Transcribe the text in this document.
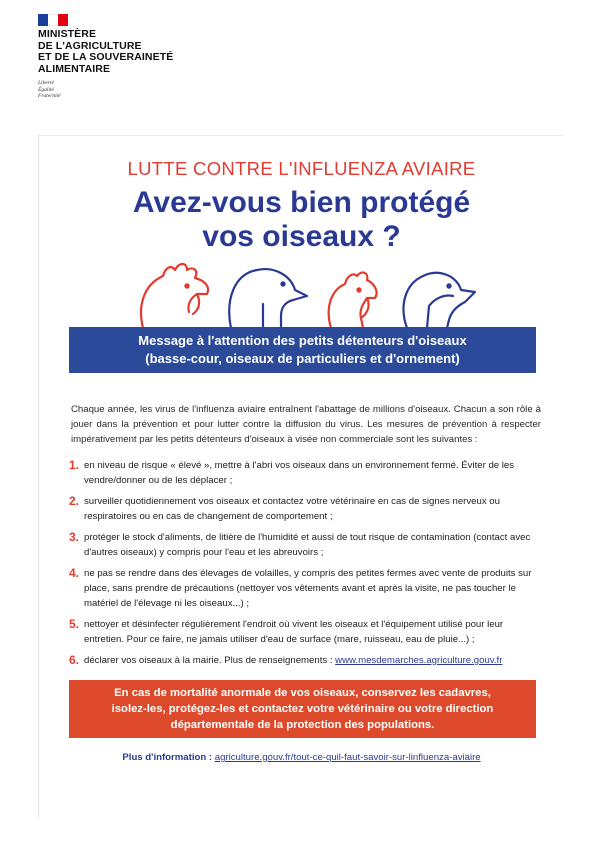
MINISTÈRE
DE L'AGRICULTURE
ET DE LA SOUVERAINETÉ
ALIMENTAIRE
Liberté
Égalité
Fraternité
LUTTE CONTRE L'INFLUENZA AVIAIRE
Avez-vous bien protégé
vos oiseaux ?
Message à l'attention des petits détenteurs d'oiseaux
(basse-cour, oiseaux de particuliers et d'ornement)
Chaque année, les virus de l'influenza aviaire entraînent l'abattage de millions d'oiseaux. Chacun a son rôle à jouer dans la prévention et pour lutter contre la diffusion du virus. Les mesures de prévention à respecter impérativement par les petits détenteurs d'oiseaux à visée non commerciale sont les suivantes :
1. en niveau de risque « élevé », mettre à l'abri vos oiseaux dans un environnement fermé. Éviter de les vendre/donner ou de les déplacer ;
2. surveiller quotidiennement vos oiseaux et contactez votre vétérinaire en cas de signes nerveux ou respiratoires ou en cas de changement de comportement ;
3. protéger le stock d'aliments, de litière de l'humidité et aussi de tout risque de contamination (contact avec d'autres oiseaux) y compris pour l'eau et les abreuvoirs ;
4. ne pas se rendre dans des élevages de volailles, y compris des petites fermes avec vente de produits sur place, sans prendre de précautions (nettoyer vos vêtements avant et après la visite, ne pas toucher le matériel de l'élevage ni les oiseaux...) ;
5. nettoyer et désinfecter régulièrement l'endroit où vivent les oiseaux et l'équipement utilisé pour leur entretien. Pour ce faire, ne jamais utiliser d'eau de surface (mare, ruisseau, eau de pluie...) ;
6. déclarer vos oiseaux à la mairie. Plus de renseignements : www.mesdemarches.agriculture.gouv.fr
En cas de mortalité anormale de vos oiseaux, conservez les cadavres,
isolez-les, protégez-les et contactez votre vétérinaire ou votre direction
départementale de la protection des populations.
Plus d'information : agriculture.gouv.fr/tout-ce-quil-faut-savoir-sur-linfluenza-aviaire
